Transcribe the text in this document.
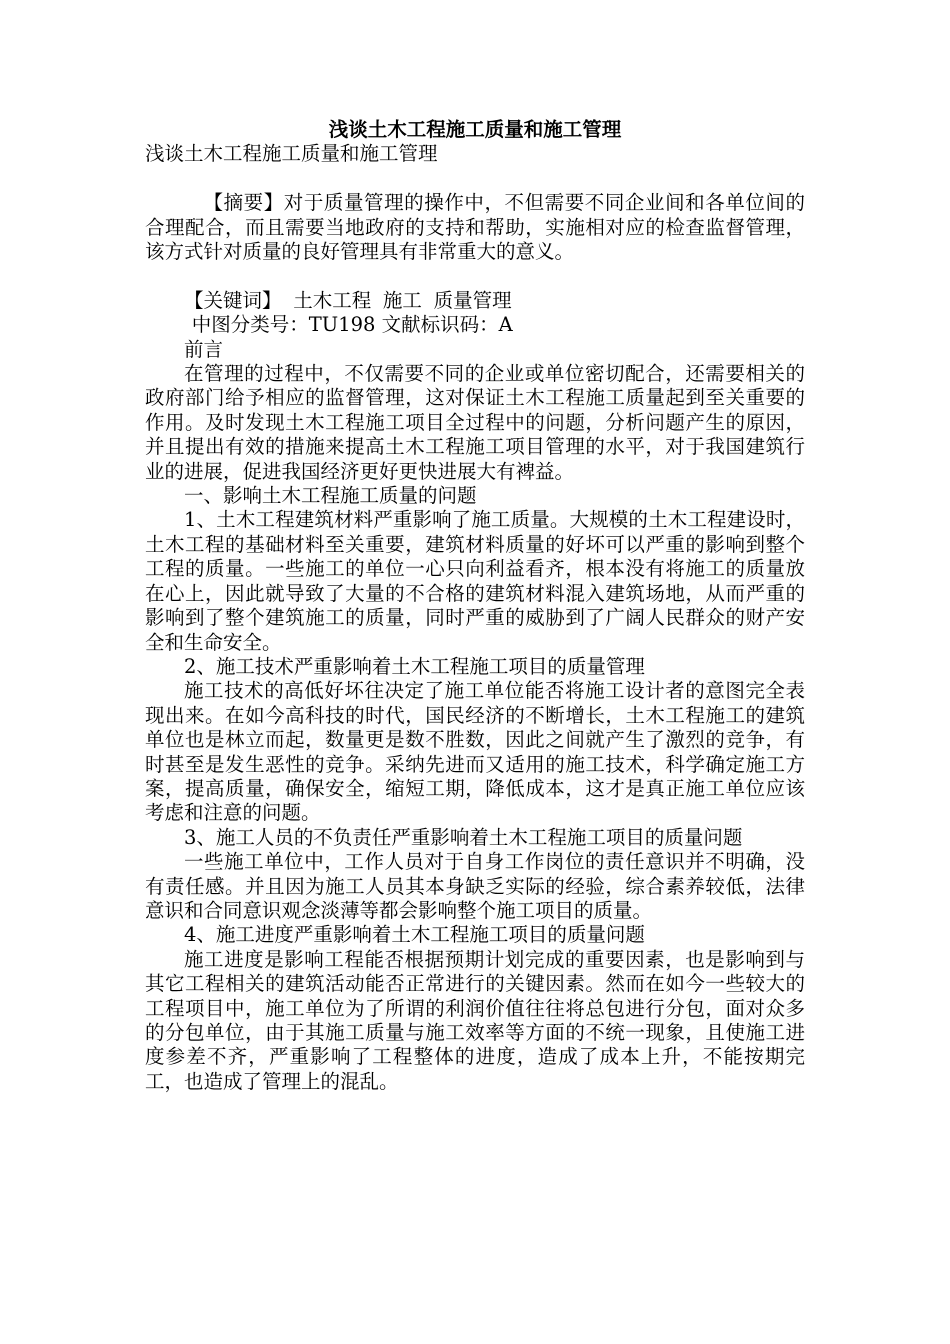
浅谈土木工程施工质量和施工管理

浅谈土木工程施工质量和施工管理

【摘要】对于质量管理的操作中，不但需要不同企业间和各单位间的合理配合，而且需要当地政府的支持和帮助，实施相对应的检查监督管理，该方式针对质量的良好管理具有非常重大的意义。

【关键词】 土木工程 施工 质量管理

中图分类号：TU198 文献标识码：A

前言

在管理的过程中，不仅需要不同的企业或单位密切配合，还需要相关的政府部门给予相应的监督管理，这对保证土木工程施工质量起到至关重要的作用。及时发现土木工程施工项目全过程中的问题，分析问题产生的原因，并且提出有效的措施来提高土木工程施工项目管理的水平，对于我国建筑行业的进展，促进我国经济更好更快进展大有裨益。

一、影响土木工程施工质量的问题

1、土木工程建筑材料严重影响了施工质量。大规模的土木工程建设时，土木工程的基础材料至关重要，建筑材料质量的好坏可以严重的影响到整个工程的质量。一些施工的单位一心只向利益看齐，根本没有将施工的质量放在心上，因此就导致了大量的不合格的建筑材料混入建筑场地，从而严重的影响到了整个建筑施工的质量，同时严重的威胁到了广阔人民群众的财产安全和生命安全。

2、施工技术严重影响着土木工程施工项目的质量管理

施工技术的高低好坏往决定了施工单位能否将施工设计者的意图完全表现出来。在如今高科技的时代，国民经济的不断增长，土木工程施工的建筑单位也是林立而起，数量更是数不胜数，因此之间就产生了激烈的竞争，有时甚至是发生恶性的竞争。采纳先进而又适用的施工技术，科学确定施工方案，提高质量，确保安全，缩短工期，降低成本，这才是真正施工单位应该考虑和注意的问题。

3、施工人员的不负责任严重影响着土木工程施工项目的质量问题

一些施工单位中，工作人员对于自身工作岗位的责任意识并不明确，没有责任感。并且因为施工人员其本身缺乏实际的经验，综合素养较低，法律意识和合同意识观念淡薄等都会影响整个施工项目的质量。

4、施工进度严重影响着土木工程施工项目的质量问题

施工进度是影响工程能否根据预期计划完成的重要因素，也是影响到与其它工程相关的建筑活动能否正常进行的关键因素。然而在如今一些较大的工程项目中，施工单位为了所谓的利润价值往往将总包进行分包，面对众多的分包单位，由于其施工质量与施工效率等方面的不统一现象，且使施工进度参差不齐，严重影响了工程整体的进度，造成了成本上升，不能按期完工，也造成了管理上的混乱。
